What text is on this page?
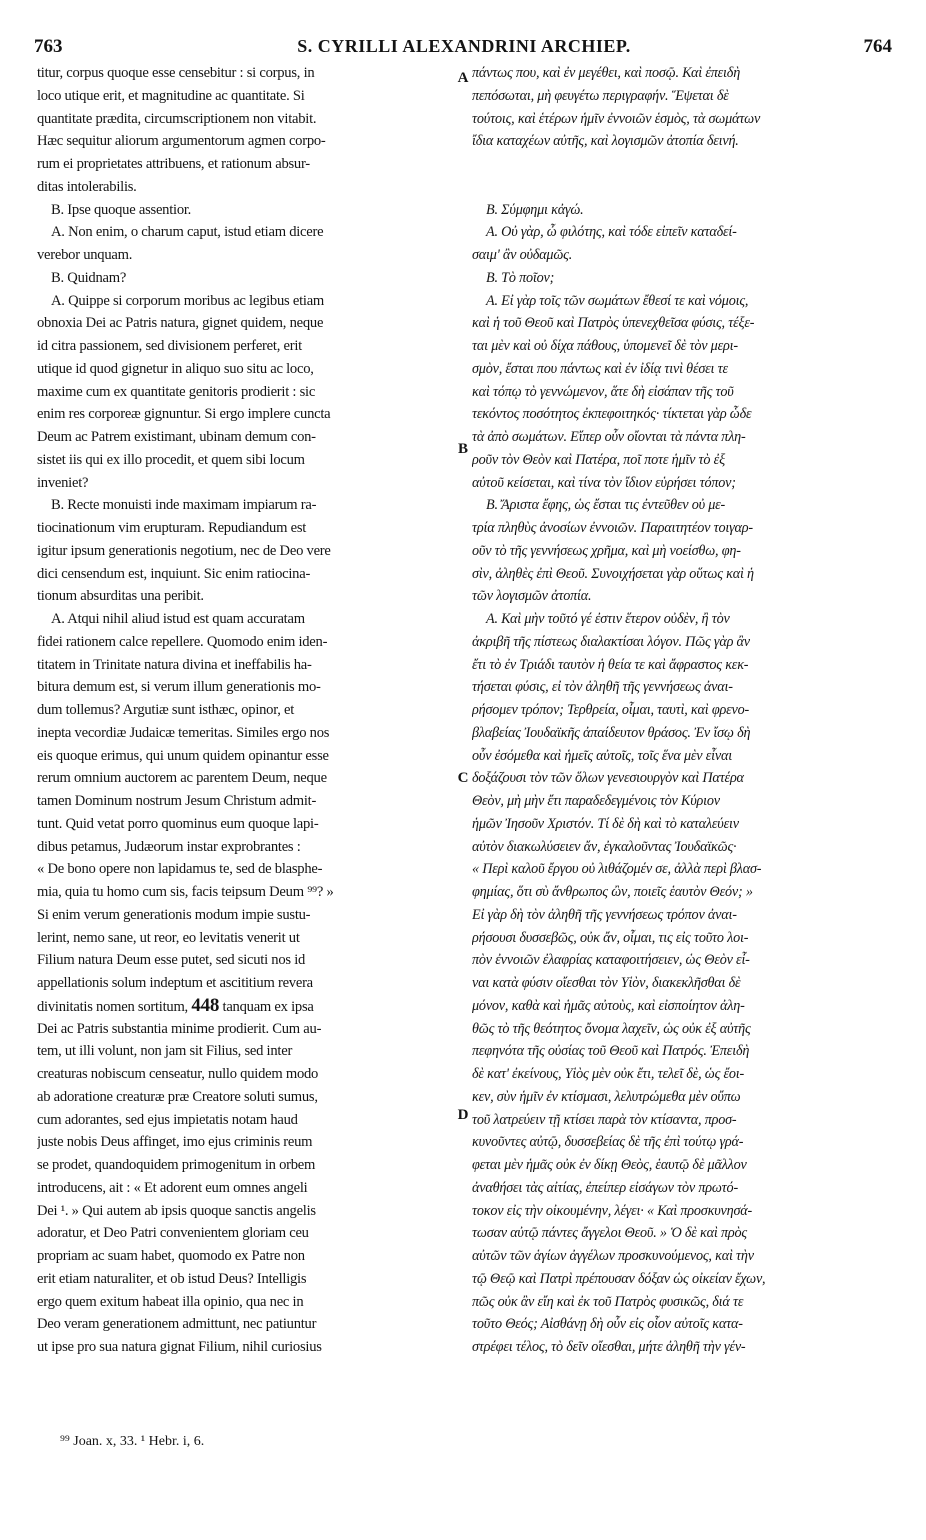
763	S. CYRILLI ALEXANDRINI ARCHIEP.	764
titur, corpus quoque esse censebitur : si corpus, in
loco utique erit, et magnitudine ac quantitate. Si
quantitate prædita, circumscriptionem non vitabit.
Hæc sequitur aliorum argumentorum agmen corpo-
rum ei proprietates attribuens, et rationum absur-
ditas intolerabilis.
B. Ipse quoque assentior.
A. Non enim, o charum caput, istud etiam dicere
verebor unquam.
B. Quidnam?
A. Quippe si corporum moribus ac legibus etiam
obnoxia Dei ac Patris natura, gignet quidem, neque
id citra passionem, sed divisionem perferet, erit
utique id quod gignetur in aliquo suo situ ac loco,
maxime cum ex quantitate genitoris prodierit : sic
enim res corporeæ gignuntur. Si ergo implere cuncta
Deum ac Patrem existimant, ubinam demum con-
sistet iis qui ex illo procedit, et quem sibi locum
inveniet?
B. Recte monuisti inde maximam impiarum ra-
tiocinationum vim erupturam. Repudiandum est
igitur ipsum generationis negotium, nec de Deo vere
dici censendum est, inquiunt. Sic enim ratiocina-
tionum absurditas una peribit.
A. Atqui nihil aliud istud est quam accuratam
fidei rationem calce repellere. Quomodo enim iden-
titatem in Trinitate natura divina et ineffabilis ha-
bitura demum est, si verum illum generationis mo-
dum tollemus? Argutiæ sunt isthæc, opinor, et
inepta vecordiæ Judaicæ temeritas. Similes ergo nos
eis quoque erimus, qui unum quidem opinantur esse
rerum omnium auctorem ac parentem Deum, neque
tamen Dominum nostrum Jesum Christum admit-
tunt. Quid vetat porro quominus eum quoque lapi-
dibus petamus, Judæorum instar exprobrantes :
« De bono opere non lapidamus te, sed de blasphe-
mia, quia tu homo cum sis, facis teipsum Deum ⁹⁹? »
Si enim verum generationis modum impie sustu-
lerint, nemo sane, ut reor, eo levitatis venerit ut
Filium natura Deum esse putet, sed sicuti nos id
appellationis solum indeptum et ascititium revera
divinitatis nomen sortitum, 448 tanquam ex ipsa
Dei ac Patris substantia minime prodierit. Cum au-
tem, ut illi volunt, non jam sit Filius, sed inter
creaturas nobiscum censeatur, nullo quidem modo
ab adoratione creaturæ præ Creatore soluti sumus,
cum adorantes, sed ejus impietatis notam haud
juste nobis Deus affinget, imo ejus criminis reum
se prodet, quandoquidem primogenitum in orbem
introducens, ait : « Et adorent eum omnes angeli
Dei ¹. » Qui autem ab ipsis quoque sanctis angelis
adoratur, et Deo Patri convenientem gloriam ceu
propriam ac suam habet, quomodo ex Patre non
erit etiam naturaliter, et ob istud Deus? Intelligis
ergo quem exitum habeat illa opinio, qua nec in
Deo veram generationem admittunt, nec patiuntur
ut ipse pro sua natura gignat Filium, nihil curiosius
A
B
C
D
πάντως που, καὶ ἐν μεγέθει, καὶ ποσῷ. Καὶ ἐπειδὴ
πεπόσωται, μὴ φευγέτω περιγραφήν. Ἕψεται δὲ
τούτοις, καὶ ἑτέρων ἡμῖν ἐννοιῶν ἑσμὸς, τὰ σωμάτων
ἴδια καταχέων αὐτῆς, καὶ λογισμῶν ἀτοπία δεινή.
Β. Σύμφημι κἀγώ.
Α. Οὐ γὰρ, ὦ φιλότης, καὶ τόδε εἰπεῖν καταδεί-
σαιμ' ἂν οὐδαμῶς.
Β. Τὸ ποῖον;
Α. Εἰ γὰρ τοῖς τῶν σωμάτων ἔθεσί τε καὶ νόμοις,
καὶ ἡ τοῦ Θεοῦ καὶ Πατρὸς ὑπενεχθεῖσα φύσις, τέξε-
ται μὲν καὶ οὐ δίχα πάθους, ὑπομενεῖ δὲ τὸν μερι-
σμὸν, ἔσται που πάντως καὶ ἐν ἰδίᾳ τινὶ θέσει τε
καὶ τόπῳ τὸ γεννώμενον, ἅτε δὴ εἰσάπαν τῆς τοῦ
τεκόντος ποσότητος ἐκπεφοιτηκός· τίκτεται γὰρ ὧδε
τὰ ἀπὸ σωμάτων. Εἴπερ οὖν οἴονται τὰ πάντα πλη-
ροῦν τὸν Θεὸν καὶ Πατέρα, ποῖ ποτε ἡμῖν τὸ ἐξ
αὐτοῦ κείσεται, καὶ τίνα τὸν ἴδιον εὑρήσει τόπον;
Β. Ἄριστα ἔφης, ὡς ἔσται τις ἐντεῦθεν οὐ με-
τρία πληθὺς ἀνοσίων ἐννοιῶν. Παραιτητέον τοιγαρ-
οῦν τὸ τῆς γεννήσεως χρῆμα, καὶ μὴ νοείσθω, φη-
σὶν, ἀληθὲς ἐπὶ Θεοῦ. Συνοιχήσεται γὰρ οὕτως καὶ ἡ
τῶν λογισμῶν ἀτοπία.
Α. Καὶ μὴν τοῦτό γέ ἐστιν ἕτερον οὐδὲν, ἢ τὸν
ἀκριβῆ τῆς πίστεως διαλακτίσαι λόγον. Πῶς γὰρ ἂν
ἔτι τὸ ἐν Τριάδι ταυτὸν ἡ θεία τε καὶ ἄφραστος κεκ-
τήσεται φύσις, εἰ τὸν ἀληθῆ τῆς γεννήσεως ἀναι-
ρήσομεν τρόπον; Τερθρεία, οἶμαι, ταυτὶ, καὶ φρενο-
βλαβείας Ἰουδαϊκῆς ἀπαίδευτον θράσος. Ἐν ἴσῳ δὴ
οὖν ἐσόμεθα καὶ ἡμεῖς αὐτοῖς, τοῖς ἕνα μὲν εἶναι
δοξάζουσι τὸν τῶν ὅλων γενεσιουργὸν καὶ Πατέρα
Θεὸν, μὴ μὴν ἔτι παραδεδεγμένοις τὸν Κύριον
ἡμῶν Ἰησοῦν Χριστόν. Τί δὲ δὴ καὶ τὸ καταλεύειν
αὐτὸν διακωλύσειεν ἄν, ἐγκαλοῦντας Ἰουδαϊκῶς·
« Περὶ καλοῦ ἔργου οὐ λιθάζομέν σε, ἀλλὰ περὶ βλασ-
φημίας, ὅτι σὺ ἄνθρωπος ὢν, ποιεῖς ἑαυτὸν Θεόν; »
Εἰ γὰρ δὴ τὸν ἀληθῆ τῆς γεννήσεως τρόπον ἀναι-
ρήσουσι δυσσεβῶς, οὐκ ἄν, οἶμαι, τις εἰς τοῦτο λοι-
πὸν ἐννοιῶν ἐλαφρίας καταφοιτήσειεν, ὡς Θεὸν εἶ-
ναι κατὰ φύσιν οἴεσθαι τὸν Υἱὸν, διακεκλῆσθαι δὲ
μόνον, καθὰ καὶ ἡμᾶς αὐτοὺς, καὶ εἰσποίητον ἀλη-
θῶς τὸ τῆς θεότητος ὄνομα λαχεῖν, ὡς οὐκ ἐξ αὐτῆς
πεφηνότα τῆς οὐσίας τοῦ Θεοῦ καὶ Πατρός. Ἐπειδὴ
δὲ κατ' ἐκείνους, Υἱὸς μὲν οὐκ ἔτι, τελεῖ δὲ, ὡς ἔοι-
κεν, σὺν ἡμῖν ἐν κτίσμασι, λελυτρώμεθα μὲν οὔπω
τοῦ λατρεύειν τῇ κτίσει παρὰ τὸν κτίσαντα, προσ-
κυνοῦντες αὐτῷ, δυσσεβείας δὲ τῆς ἐπὶ τούτῳ γρά-
φεται μὲν ἡμᾶς οὐκ ἐν δίκῃ Θεὸς, ἑαυτῷ δὲ μᾶλλον
ἀναθήσει τὰς αἰτίας, ἐπείπερ εἰσάγων τὸν πρωτό-
τοκον εἰς τὴν οἰκουμένην, λέγει· « Καὶ προσκυνησά-
τωσαν αὐτῷ πάντες ἄγγελοι Θεοῦ. » Ὁ δὲ καὶ πρὸς
αὐτῶν τῶν ἁγίων ἀγγέλων προσκυνούμενος, καὶ τὴν
τῷ Θεῷ καὶ Πατρὶ πρέπουσαν δόξαν ὡς οἰκείαν ἔχων,
πῶς οὐκ ἂν εἴη καὶ ἐκ τοῦ Πατρὸς φυσικῶς, διά τε
τοῦτο Θεός; Αἰσθάνῃ δὴ οὖν εἰς οἷον αὐτοῖς κατα-
στρέφει τέλος, τὸ δεῖν οἴεσθαι, μήτε ἀληθῆ τὴν γέν-
⁹⁹ Joan. x, 33. ¹ Hebr. i, 6.
